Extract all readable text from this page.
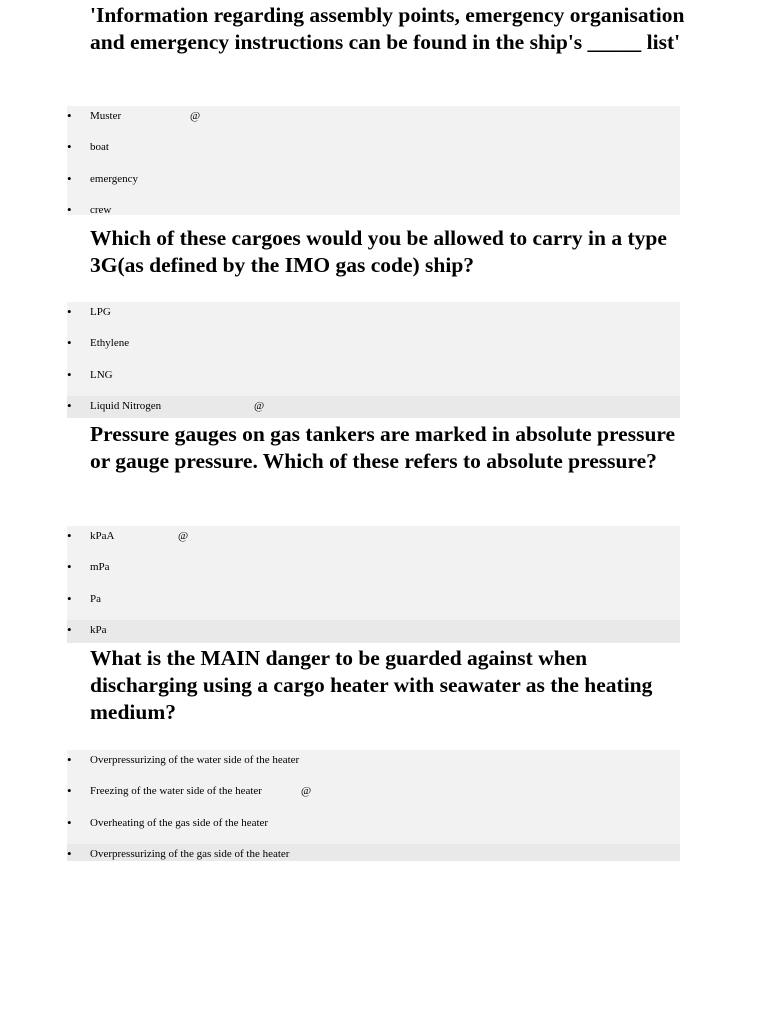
'Information regarding assembly points, emergency organisation and emergency instructions can be found in the ship's _____ list'

• Muster	@
• boat
• emergency
• crew

Which of these cargoes would you be allowed to carry in a type 3G(as defined by the IMO gas code) ship?

• LPG
• Ethylene
• LNG
• Liquid Nitrogen	@

Pressure gauges on gas tankers are marked in absolute pressure or gauge pressure. Which of these refers to absolute pressure?

• kPaA	@
• mPa
• Pa
• kPa

What is the MAIN danger to be guarded against when discharging using a cargo heater with seawater as the heating medium?

• Overpressurizing of the water side of the heater
• Freezing of the water side of the heater	@
• Overheating of the gas side of the heater
• Overpressurizing of the gas side of the heater
